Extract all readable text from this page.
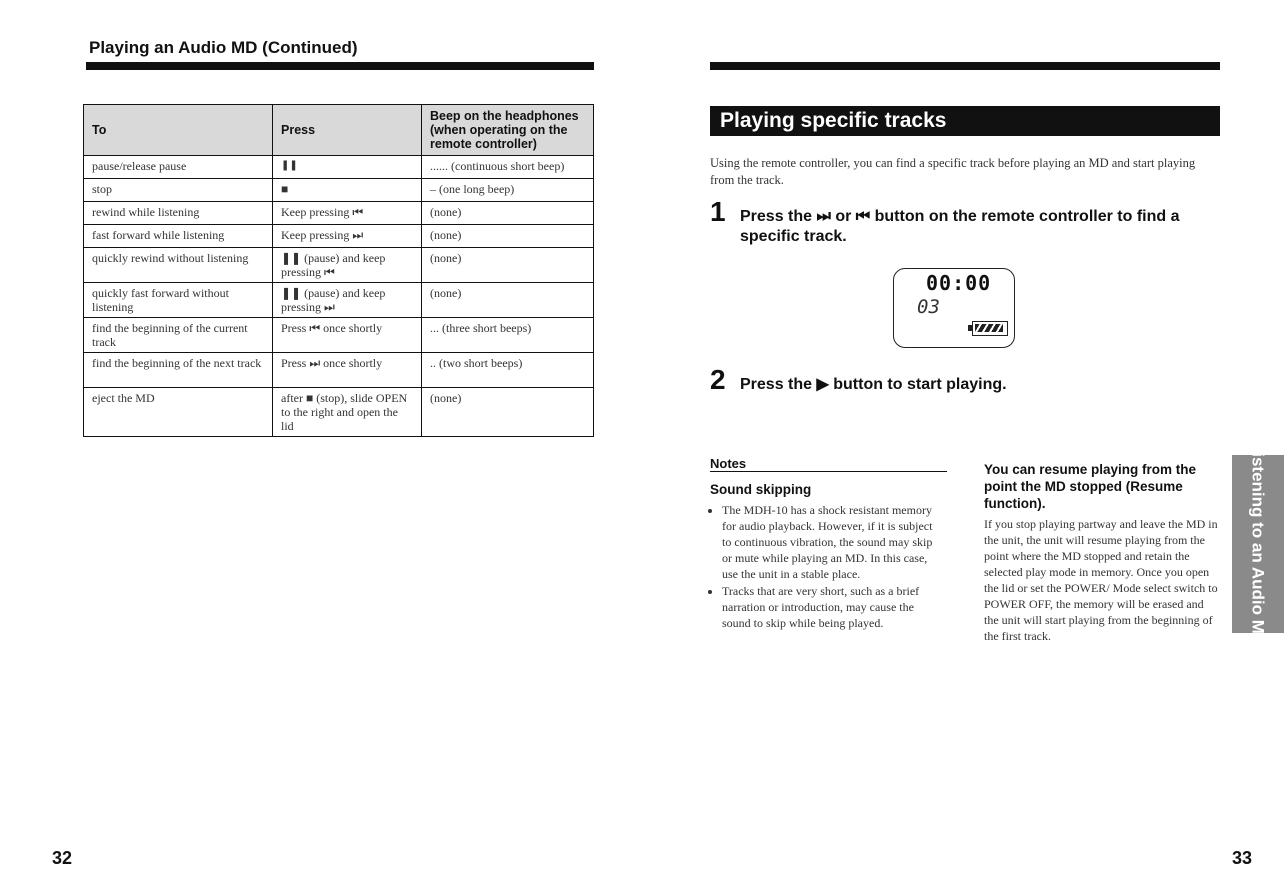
Playing an Audio MD (Continued)
To	Press	Beep on the headphones (when operating on the remote controller)
pause/release pause	❚❚	...... (continuous short beep)
stop	■	– (one long beep)
rewind while listening	Keep pressing ⏮	(none)
fast forward while listening	Keep pressing ⏭	(none)
quickly rewind without listening	❚❚ (pause) and keep pressing ⏮	(none)
quickly fast forward without listening	❚❚ (pause) and keep pressing ⏭	(none)
find the beginning of the current track	Press ⏮ once shortly	... (three short beeps)
find the beginning of the next track	Press ⏭ once shortly	.. (two short beeps)
eject the MD	after ■ (stop), slide OPEN to the right and open the lid	(none)
32
Playing specific tracks
Using the remote controller, you can find a specific track before playing an MD and start playing from the track.
1 Press the ⏭ or ⏮ button on the remote controller to find a specific track.
00:00
03
2 Press the ▶ button to start playing.
Notes
Sound skipping
• The MDH-10 has a shock resistant memory for audio playback. However, if it is subject to continuous vibration, the sound may skip or mute while playing an MD. In this case, use the unit in a stable place.
• Tracks that are very short, such as a brief narration or introduction, may cause the sound to skip while being played.
You can resume playing from the point the MD stopped (Resume function).
If you stop playing partway and leave the MD in the unit, the unit will resume playing from the point where the MD stopped and retain the selected play mode in memory. Once you open the lid or set the POWER/ Mode select switch to POWER OFF, the memory will be erased and the unit will start playing from the beginning of the first track.	Listening to an Audio MD
33
